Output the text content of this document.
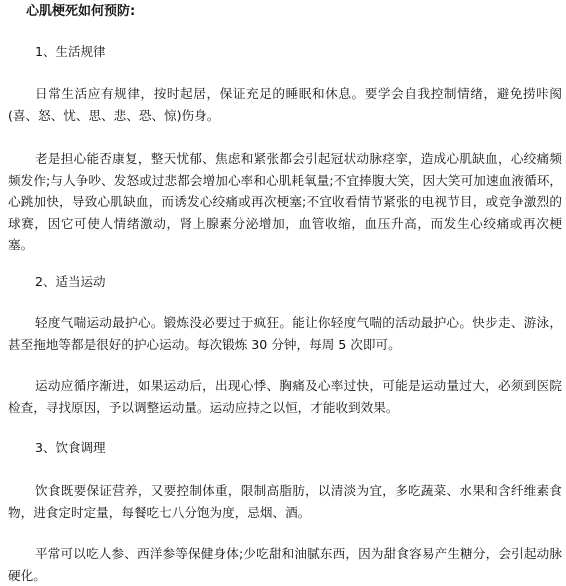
心肌梗死如何预防:
1、生活规律

日常生活应有规律，按时起居，保证充足的睡眠和休息。要学会自我控制情绪，避免捞咔阂(喜、怒、忧、思、悲、恐、惊)伤身。

老是担心能否康复，整天忧郁、焦虑和紧张都会引起冠状动脉痉挛，造成心肌缺血，心绞痛频频发作;与人争吵、发怒或过悲都会增加心率和心肌耗氧量;不宜捧腹大笑，因大笑可加速血液循环，心跳加快，导致心肌缺血，而诱发心绞痛或再次梗塞;不宜收看情节紧张的电视节目，或竞争激烈的球赛，因它可使人情绪激动，肾上腺素分泌增加，血管收缩，血压升高，而发生心绞痛或再次梗塞。

2、适当运动

轻度气喘运动最护心。锻炼没必要过于疯狂。能让你轻度气喘的活动最护心。快步走、游泳，甚至拖地等都是很好的护心运动。每次锻炼 30 分钟，每周 5 次即可。

运动应循序渐进，如果运动后，出现心悸、胸痛及心率过快，可能是运动量过大，必须到医院检查，寻找原因，予以调整运动量。运动应持之以恒，才能收到效果。

3、饮食调理

饮食既要保证营养，又要控制体重，限制高脂肪，以清淡为宜，多吃蔬菜、水果和含纤维素食物，进食定时定量，每餐吃七八分饱为度，忌烟、酒。

平常可以吃人参、西洋参等保健身体;少吃甜和油腻东西，因为甜食容易产生糖分，会引起动脉硬化。
